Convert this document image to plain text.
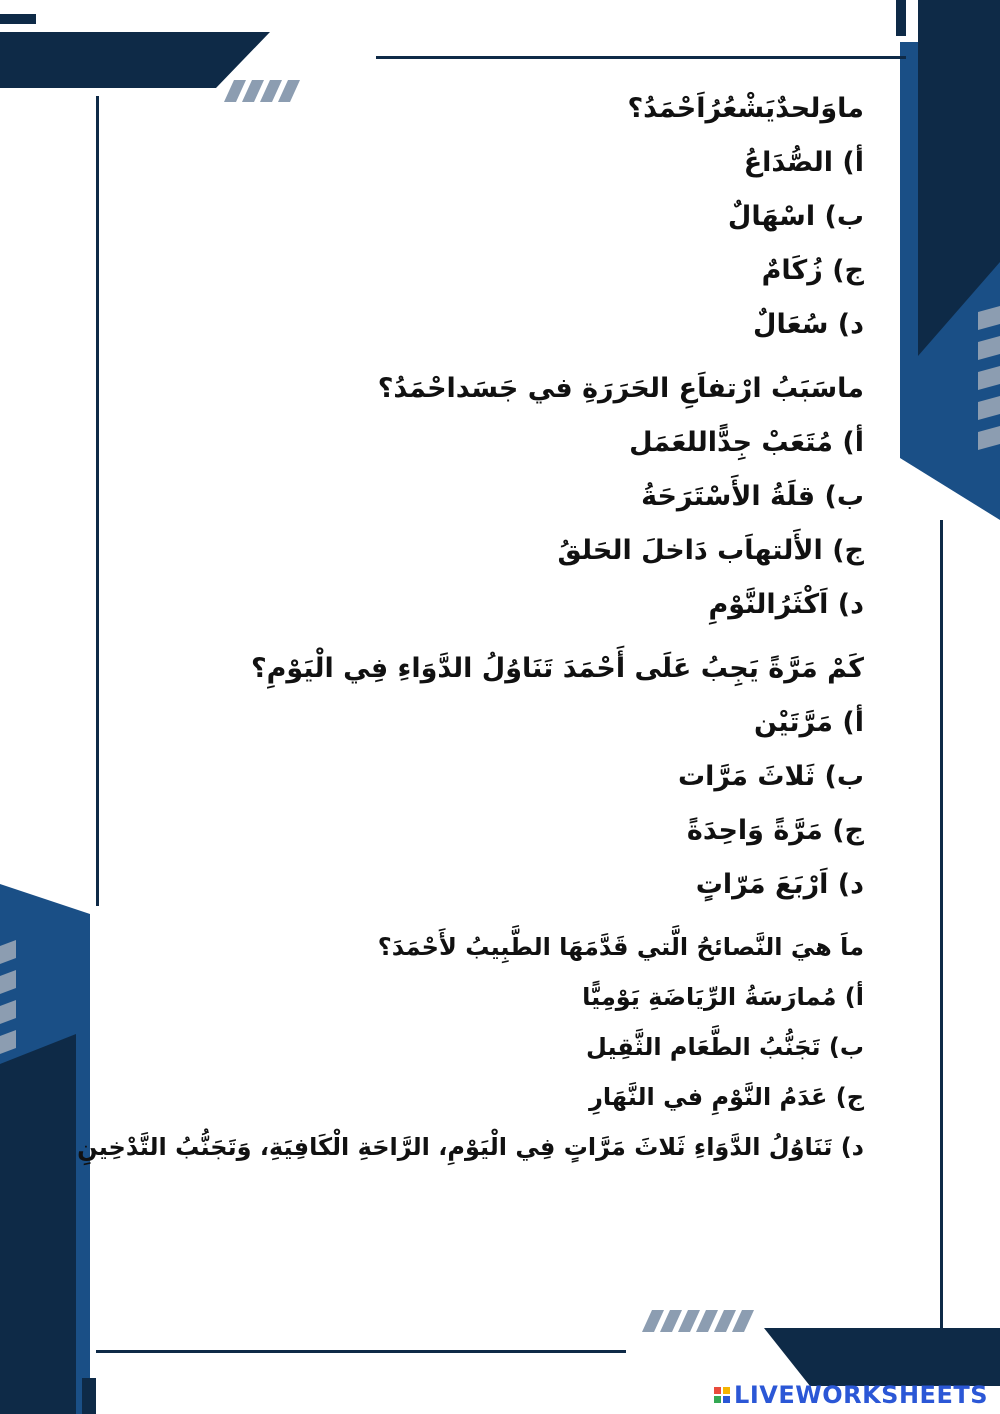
ماوَلحدٌيَشْعُرُاَحْمَدُ؟
أ) الصُّدَاعُ
ب) اسْهَالٌ
ج) زُكَامٌ
د) سُعَالٌ
ماسَبَبُ ارْتفاَعِ الحَرَرَةِ في جَسَداحْمَدُ؟
أ) مُتَعَبْ جِدًّاللعَمَل
ب) قلَةُ الأَسْتَرَحَةُ
ج) الأَلتهاَب دَاخلَ الحَلقُ
د) اَكْثَرُالنَّوْمِ
كَمْ مَرَّةً يَجِبُ عَلَى أَحْمَدَ تَنَاوُلُ الدَّوَاءِ فِي الْيَوْمِ؟
أ) مَرَّتَيْن
ب) ثَلاثَ مَرَّات
ج) مَرَّةً وَاحِدَةً
د) اَرْبَعَ مَرّاتٍ
ماَ هيَ النَّصائحُ الَّتي قَدَّمَهَا الطَّبِيبُ لأَحْمَدَ؟
أ) مُمارَسَةُ الرِّيَاضَةِ يَوْمِيًّا
ب) تَجَنُّبُ الطَّعَام الثَّقِيل
ج) عَدَمُ النَّوْمِ في النَّهَارِ
د) تَنَاوُلُ الدَّوَاءِ ثَلاثَ مَرَّاتٍ فِي الْيَوْمِ، الرَّاحَةِ الْكَافِيَةِ، وَتَجَنُّبُ التَّدْخِينِ
LIVEWORKSHEETS
